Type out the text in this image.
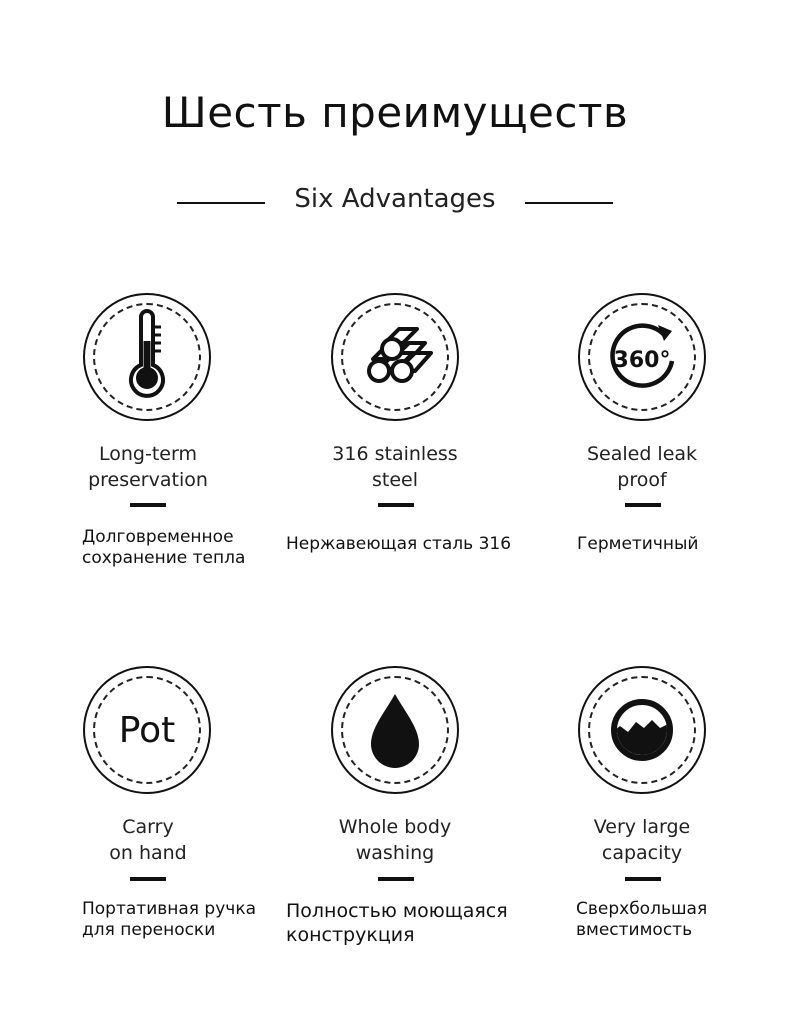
Шесть преимуществ
Six Advantages
Long-term
preservation
Долговременное
сохранение тепла
316 stainless
steel
Нержавеющая сталь 316
360°
Sealed leak
proof
Герметичный
Pot
Carry
on hand
Портативная ручка
для переноски
Whole body
washing
Полностью моющаяся
конструкция
Very large
capacity
Сверхбольшая
вместимость
